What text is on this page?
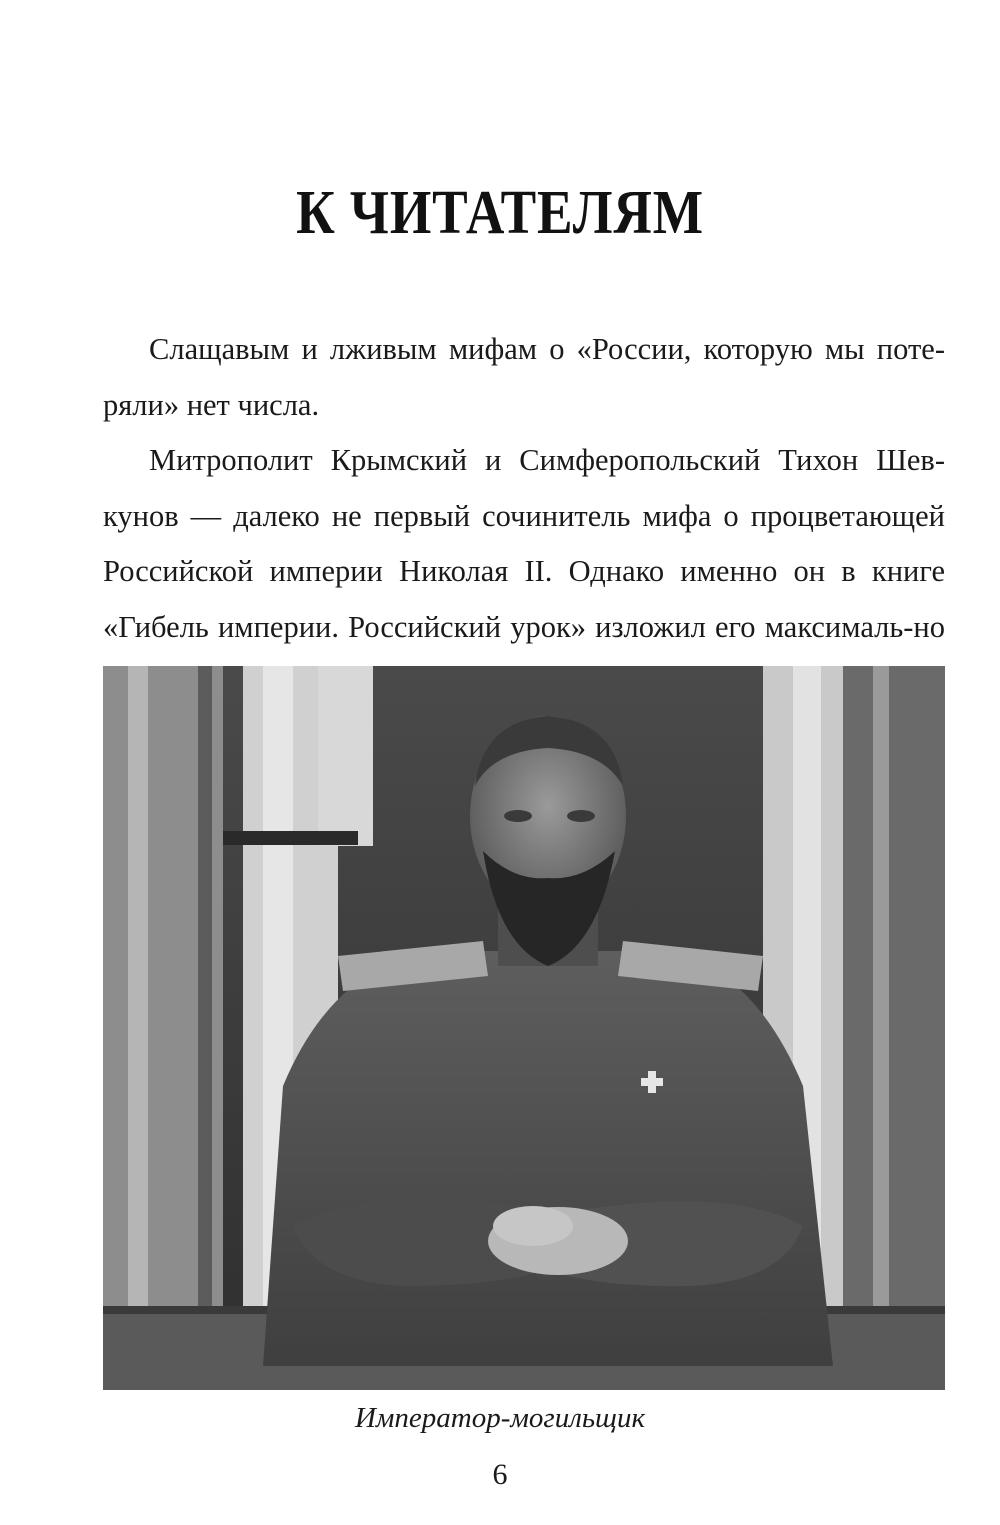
К ЧИТАТЕЛЯМ

Слащавым и лживым мифам о «России, которую мы поте-ряли» нет числа.

Митрополит Крымский и Симферопольский Тихон Шев-кунов — далеко не первый сочинитель мифа о процветающей Российской империи Николая II. Однако именно он в книге «Гибель империи. Российский урок» изложил его максималь-но

Император-могильщик
6
